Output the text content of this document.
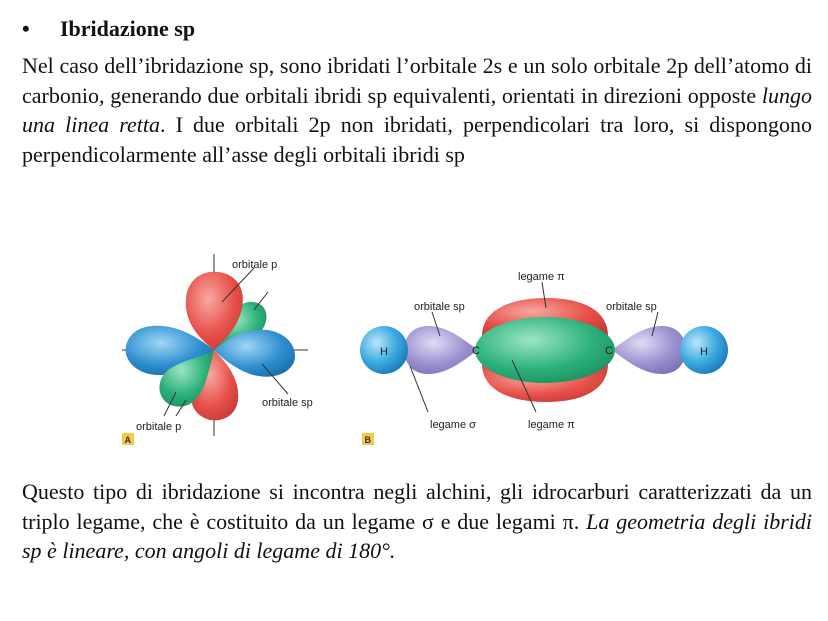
• Ibridazione sp
Nel caso dell’ibridazione sp, sono ibridati l’orbitale 2s e un solo orbitale 2p dell’atomo di carbonio, generando due orbitali ibridi sp equivalenti, orientati in direzioni opposte lungo una linea retta. I due orbitali 2p non ibridati, perpendicolari tra loro, si dispongono perpendicolarmente all’asse degli orbitali ibridi sp
orbitale p
orbitale sp
orbitale p
A
H	H
C	C
legame π
orbitale sp	orbitale sp
legame σ	legame π
B
Questo tipo di ibridazione si incontra negli alchini, gli idrocarburi caratterizzati da un triplo legame, che è costituito da un legame σ e due legami π. La geometria degli ibridi sp è lineare, con angoli di legame di 180°.
